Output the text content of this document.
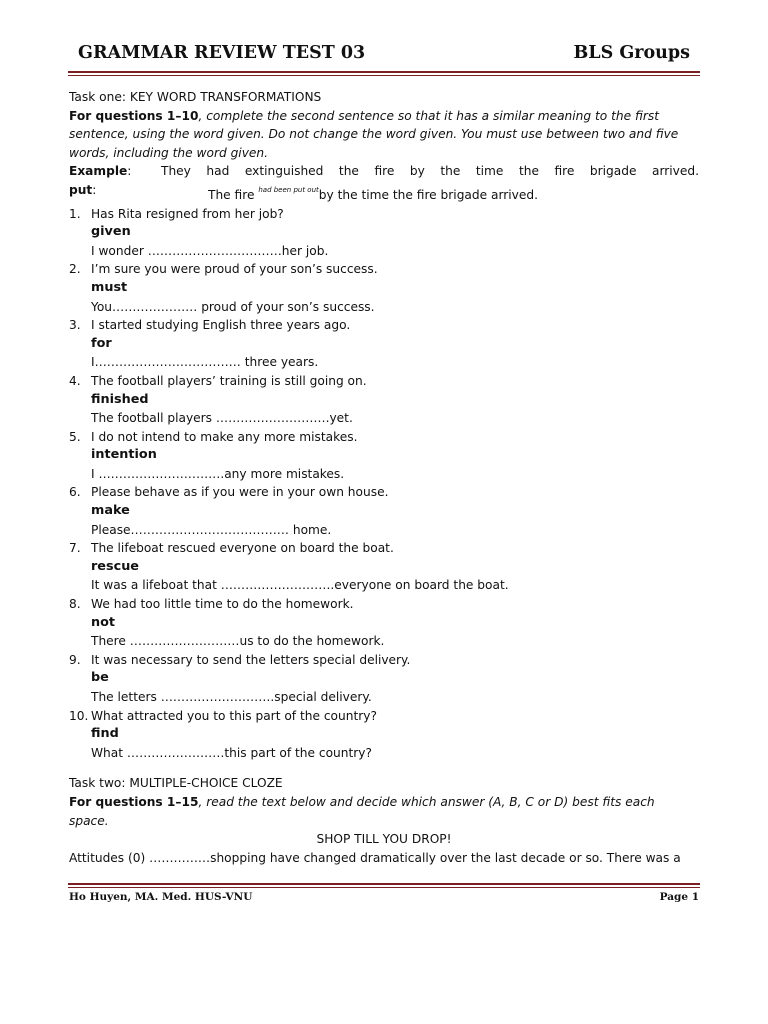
GRAMMAR REVIEW TEST 03	BLS Groups
Task one: KEY WORD TRANSFORMATIONS
For questions 1–10, complete the second sentence so that it has a similar meaning to the first
sentence, using the word given. Do not change the word given. You must use between two and five
words, including the word given.
Example:	They had extinguished the fire by the time the fire brigade arrived.
put:	The fire $^{had been put out}$by the time the fire brigade arrived.
1. Has Rita resigned from her job?
given
I wonder ……………………………her job.
2. I’m sure you were proud of your son’s success.
must
You………………… proud of your son’s success.
3. I started studying English three years ago.
for
I……………………………… three years.
4. The football players’ training is still going on.
finished
The football players ……………………….yet.
5. I do not intend to make any more mistakes.
intention
I ………………………….any more mistakes.
6. Please behave as if you were in your own house.
make
Please………………………………… home.
7. The lifeboat rescued everyone on board the boat.
rescue
It was a lifeboat that ……………………….everyone on board the boat.
8. We had too little time to do the homework.
not
There ………………………us to do the homework.
9. It was necessary to send the letters special delivery.
be
The letters ……………………….special delivery.
10. What attracted you to this part of the country?
find
What ……………………this part of the country?
Task two: MULTIPLE-CHOICE CLOZE
For questions 1–15, read the text below and decide which answer (A, B, C or D) best fits each
space.
SHOP TILL YOU DROP!
Attitudes (0) ……………shopping have changed dramatically over the last decade or so. There was a
Ho Huyen, MA. Med. HUS-VNU	Page 1
